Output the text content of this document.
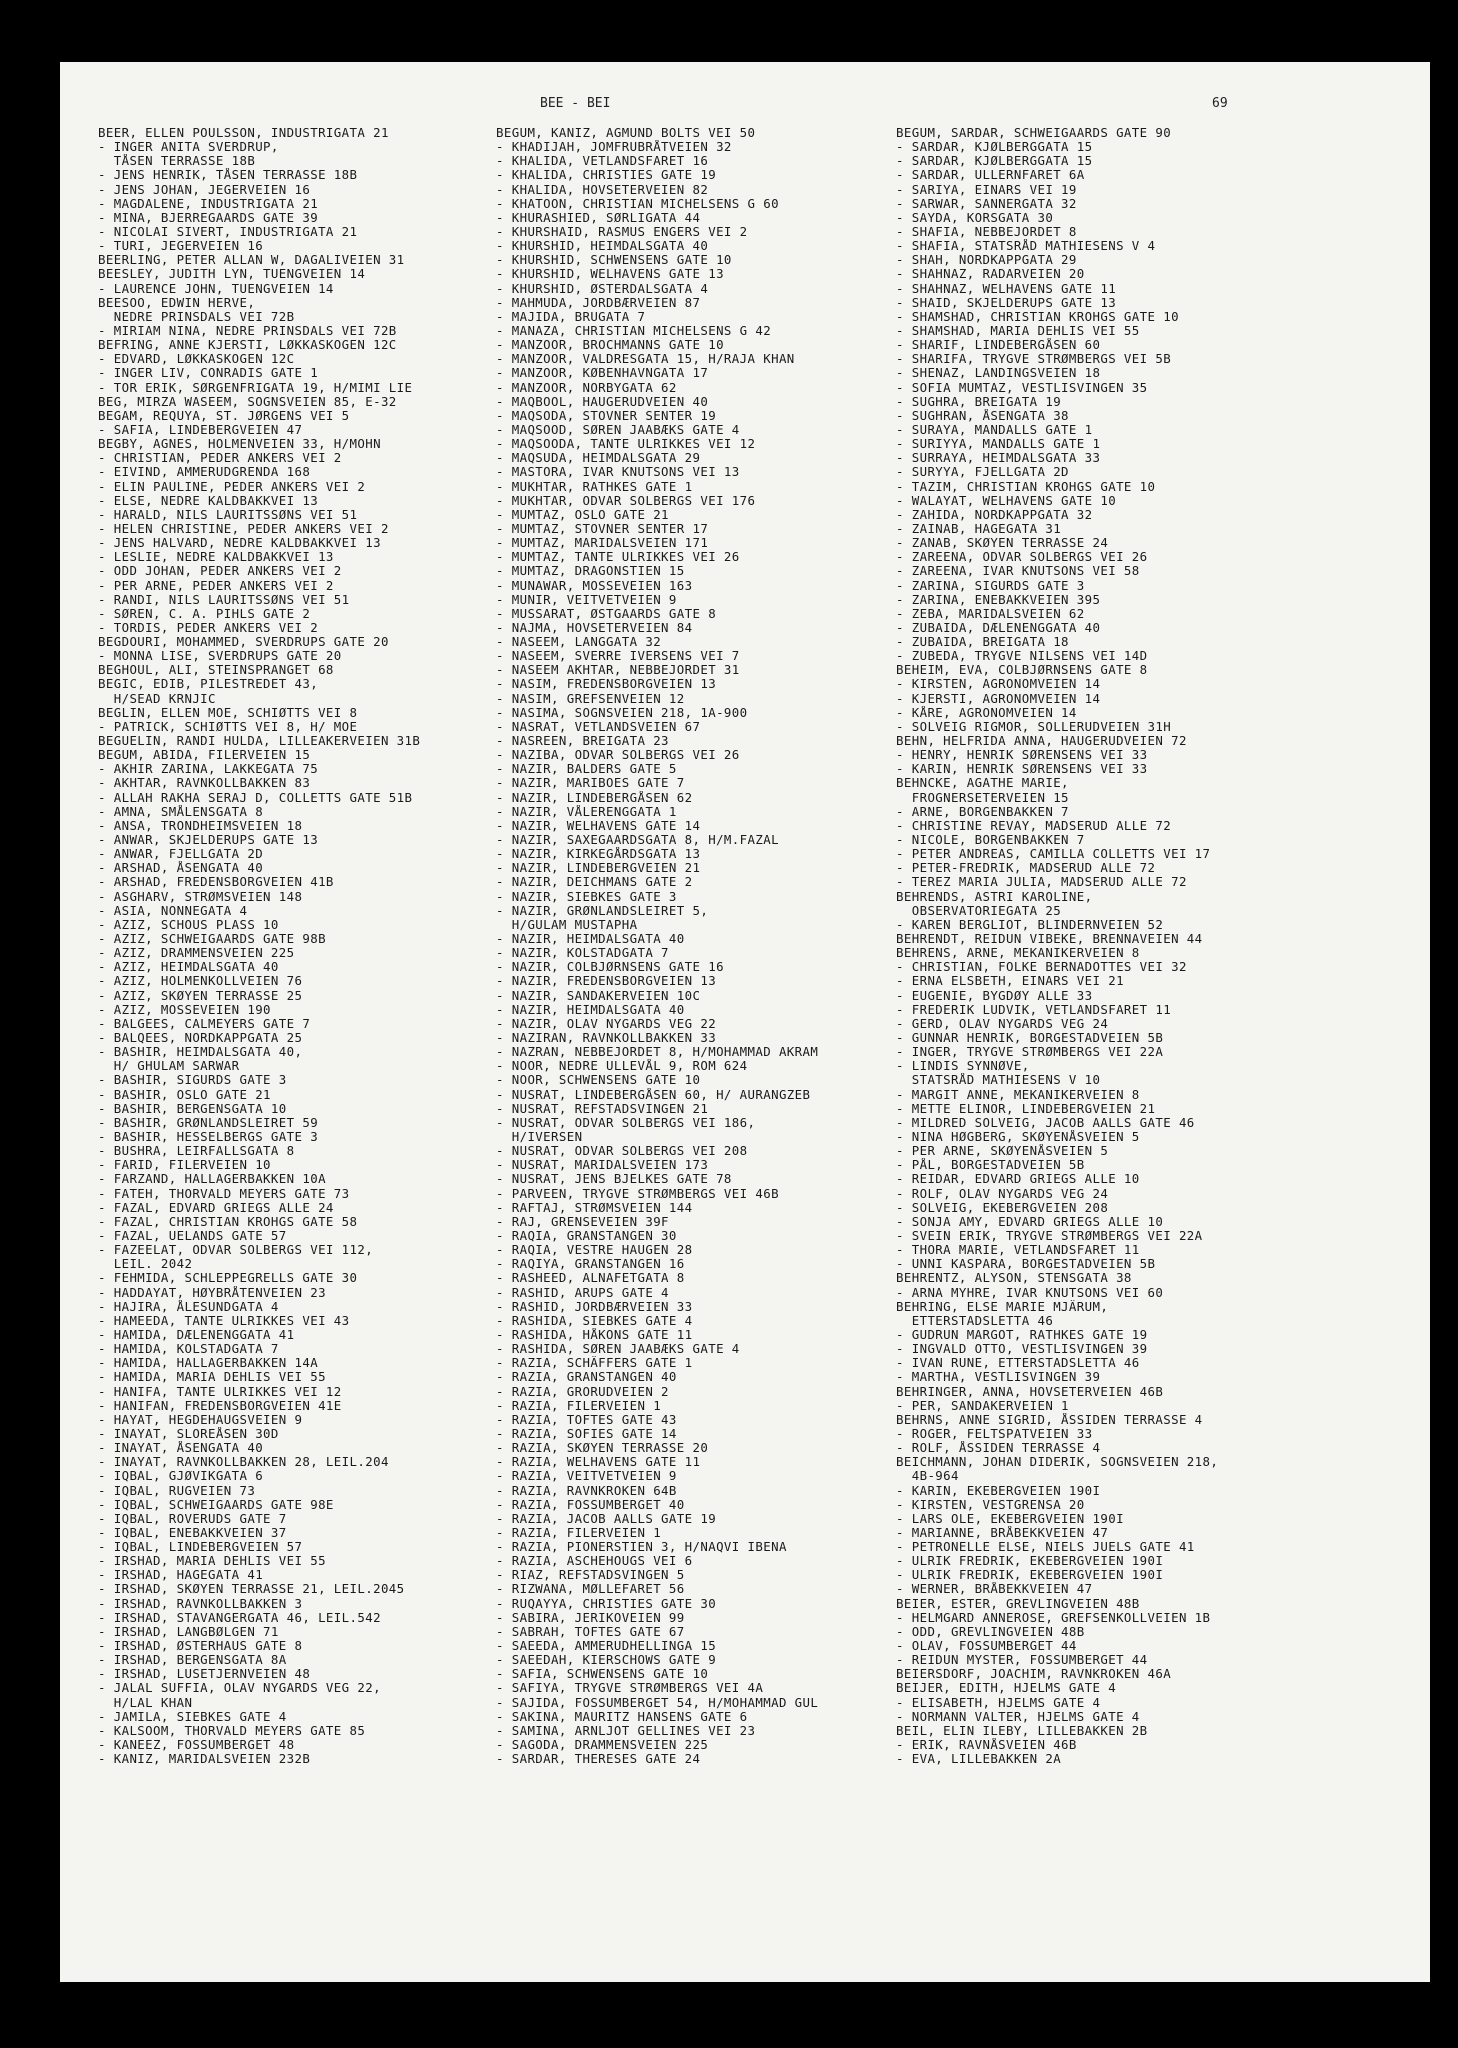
BEE - BEI	69
BEER, ELLEN POULSSON, INDUSTRIGATA 21
- INGER ANITA SVERDRUP,
TÅSEN TERRASSE 18B
- JENS HENRIK, TÅSEN TERRASSE 18B
- JENS JOHAN, JEGERVEIEN 16
- MAGDALENE, INDUSTRIGATA 21
- MINA, BJERREGAARDS GATE 39
- NICOLAI SIVERT, INDUSTRIGATA 21
- TURI, JEGERVEIEN 16
BEERLING, PETER ALLAN W, DAGALIVEIEN 31
BEESLEY, JUDITH LYN, TUENGVEIEN 14
- LAURENCE JOHN, TUENGVEIEN 14
BEESOO, EDWIN HERVE,
NEDRE PRINSDALS VEI 72B
- MIRIAM NINA, NEDRE PRINSDALS VEI 72B
BEFRING, ANNE KJERSTI, LØKKASKOGEN 12C
- EDVARD, LØKKASKOGEN 12C
- INGER LIV, CONRADIS GATE 1
- TOR ERIK, SØRGENFRIGATA 19, H/MIMI LIE
BEG, MIRZA WASEEM, SOGNSVEIEN 85, E-32
BEGAM, REQUYA, ST. JØRGENS VEI 5
- SAFIA, LINDEBERGVEIEN 47
BEGBY, AGNES, HOLMENVEIEN 33, H/MOHN
- CHRISTIAN, PEDER ANKERS VEI 2
- EIVIND, AMMERUDGRENDA 168
- ELIN PAULINE, PEDER ANKERS VEI 2
- ELSE, NEDRE KALDBAKKVEI 13
- HARALD, NILS LAURITSSØNS VEI 51
- HELEN CHRISTINE, PEDER ANKERS VEI 2
- JENS HALVARD, NEDRE KALDBAKKVEI 13
- LESLIE, NEDRE KALDBAKKVEI 13
- ODD JOHAN, PEDER ANKERS VEI 2
- PER ARNE, PEDER ANKERS VEI 2
- RANDI, NILS LAURITSSØNS VEI 51
- SØREN, C. A. PIHLS GATE 2
- TORDIS, PEDER ANKERS VEI 2
BEGDOURI, MOHAMMED, SVERDRUPS GATE 20
- MONNA LISE, SVERDRUPS GATE 20
BEGHOUL, ALI, STEINSPRANGET 68
BEGIC, EDIB, PILESTREDET 43,
H/SEAD KRNJIC
BEGLIN, ELLEN MOE, SCHIØTTS VEI 8
- PATRICK, SCHIØTTS VEI 8, H/ MOE
BEGUELIN, RANDI HULDA, LILLEAKERVEIEN 31B
BEGUM, ABIDA, FILERVEIEN 15
- AKHIR ZARINA, LAKKEGATA 75
- AKHTAR, RAVNKOLLBAKKEN 83
- ALLAH RAKHA SERAJ D, COLLETTS GATE 51B
- AMNA, SMÅLENSGATA 8
- ANSA, TRONDHEIMSVEIEN 18
- ANWAR, SKJELDERUPS GATE 13
- ANWAR, FJELLGATA 2D
- ARSHAD, ÅSENGATA 40
- ARSHAD, FREDENSBORGVEIEN 41B
- ASGHARV, STRØMSVEIEN 148
- ASIA, NONNEGATA 4
- AZIZ, SCHOUS PLASS 10
- AZIZ, SCHWEIGAARDS GATE 98B
- AZIZ, DRAMMENSVEIEN 225
- AZIZ, HEIMDALSGATA 40
- AZIZ, HOLMENKOLLVEIEN 76
- AZIZ, SKØYEN TERRASSE 25
- AZIZ, MOSSEVEIEN 190
- BALGEES, CALMEYERS GATE 7
- BALQEES, NORDKAPPGATA 25
- BASHIR, HEIMDALSGATA 40,
H/ GHULAM SARWAR
- BASHIR, SIGURDS GATE 3
- BASHIR, OSLO GATE 21
- BASHIR, BERGENSGATA 10
- BASHIR, GRØNLANDSLEIRET 59
- BASHIR, HESSELBERGS GATE 3
- BUSHRA, LEIRFALLSGATA 8
- FARID, FILERVEIEN 10
- FARZAND, HALLAGERBAKKEN 10A
- FATEH, THORVALD MEYERS GATE 73
- FAZAL, EDVARD GRIEGS ALLE 24
- FAZAL, CHRISTIAN KROHGS GATE 58
- FAZAL, UELANDS GATE 57
- FAZEELAT, ODVAR SOLBERGS VEI 112,
LEIL. 2042
- FEHMIDA, SCHLEPPEGRELLS GATE 30
- HADDAYAT, HØYBRÅTENVEIEN 23
- HAJIRA, ÅLESUNDGATA 4
- HAMEEDA, TANTE ULRIKKES VEI 43
- HAMIDA, DÆLENENGGATA 41
- HAMIDA, KOLSTADGATA 7
- HAMIDA, HALLAGERBAKKEN 14A
- HAMIDA, MARIA DEHLIS VEI 55
- HANIFA, TANTE ULRIKKES VEI 12
- HANIFAN, FREDENSBORGVEIEN 41E
- HAYAT, HEGDEHAUGSVEIEN 9
- INAYAT, SLOREÅSEN 30D
- INAYAT, ÅSENGATA 40
- INAYAT, RAVNKOLLBAKKEN 28, LEIL.204
- IQBAL, GJØVIKGATA 6
- IQBAL, RUGVEIEN 73
- IQBAL, SCHWEIGAARDS GATE 98E
- IQBAL, ROVERUDS GATE 7
- IQBAL, ENEBAKKVEIEN 37
- IQBAL, LINDEBERGVEIEN 57
- IRSHAD, MARIA DEHLIS VEI 55
- IRSHAD, HAGEGATA 41
- IRSHAD, SKØYEN TERRASSE 21, LEIL.2045
- IRSHAD, RAVNKOLLBAKKEN 3
- IRSHAD, STAVANGERGATA 46, LEIL.542
- IRSHAD, LANGBØLGEN 71
- IRSHAD, ØSTERHAUS GATE 8
- IRSHAD, BERGENSGATA 8A
- IRSHAD, LUSETJERNVEIEN 48
- JALAL SUFFIA, OLAV NYGARDS VEG 22,
H/LAL KHAN
- JAMILA, SIEBKES GATE 4
- KALSOOM, THORVALD MEYERS GATE 85
- KANEEZ, FOSSUMBERGET 48
- KANIZ, MARIDALSVEIEN 232B
BEGUM, KANIZ, AGMUND BOLTS VEI 50
- KHADIJAH, JOMFRUBRÅTVEIEN 32
- KHALIDA, VETLANDSFARET 16
- KHALIDA, CHRISTIES GATE 19
- KHALIDA, HOVSETERVEIEN 82
- KHATOON, CHRISTIAN MICHELSENS G 60
- KHURASHIED, SØRLIGATA 44
- KHURSHAID, RASMUS ENGERS VEI 2
- KHURSHID, HEIMDALSGATA 40
- KHURSHID, SCHWENSENS GATE 10
- KHURSHID, WELHAVENS GATE 13
- KHURSHID, ØSTERDALSGATA 4
- MAHMUDA, JORDBÆRVEIEN 87
- MAJIDA, BRUGATA 7
- MANAZA, CHRISTIAN MICHELSENS G 42
- MANZOOR, BROCHMANNS GATE 10
- MANZOOR, VALDRESGATA 15, H/RAJA KHAN
- MANZOOR, KØBENHAVNGATA 17
- MANZOOR, NORBYGATA 62
- MAQBOOL, HAUGERUDVEIEN 40
- MAQSODA, STOVNER SENTER 19
- MAQSOOD, SØREN JAABÆKS GATE 4
- MAQSOODA, TANTE ULRIKKES VEI 12
- MAQSUDA, HEIMDALSGATA 29
- MASTORA, IVAR KNUTSONS VEI 13
- MUKHTAR, RATHKES GATE 1
- MUKHTAR, ODVAR SOLBERGS VEI 176
- MUMTAZ, OSLO GATE 21
- MUMTAZ, STOVNER SENTER 17
- MUMTAZ, MARIDALSVEIEN 171
- MUMTAZ, TANTE ULRIKKES VEI 26
- MUMTAZ, DRAGONSTIEN 15
- MUNAWAR, MOSSEVEIEN 163
- MUNIR, VEITVETVEIEN 9
- MUSSARAT, ØSTGAARDS GATE 8
- NAJMA, HOVSETERVEIEN 84
- NASEEM, LANGGATA 32
- NASEEM, SVERRE IVERSENS VEI 7
- NASEEM AKHTAR, NEBBEJORDET 31
- NASIM, FREDENSBORGVEIEN 13
- NASIM, GREFSENVEIEN 12
- NASIMA, SOGNSVEIEN 218, 1A-900
- NASRAT, VETLANDSVEIEN 67
- NASREEN, BREIGATA 23
- NAZIBA, ODVAR SOLBERGS VEI 26
- NAZIR, BALDERS GATE 5
- NAZIR, MARIBOES GATE 7
- NAZIR, LINDEBERGÅSEN 62
- NAZIR, VÅLERENGGATA 1
- NAZIR, WELHAVENS GATE 14
- NAZIR, SAXEGAARDSGATA 8, H/M.FAZAL
- NAZIR, KIRKEGÅRDSGATA 13
- NAZIR, LINDEBERGVEIEN 21
- NAZIR, DEICHMANS GATE 2
- NAZIR, SIEBKES GATE 3
- NAZIR, GRØNLANDSLEIRET 5,
H/GULAM MUSTAPHA
- NAZIR, HEIMDALSGATA 40
- NAZIR, KOLSTADGATA 7
- NAZIR, COLBJØRNSENS GATE 16
- NAZIR, FREDENSBORGVEIEN 13
- NAZIR, SANDAKERVEIEN 10C
- NAZIR, HEIMDALSGATA 40
- NAZIR, OLAV NYGARDS VEG 22
- NAZIRAN, RAVNKOLLBAKKEN 33
- NAZRAN, NEBBEJORDET 8, H/MOHAMMAD AKRAM
- NOOR, NEDRE ULLEVÅL 9, ROM 624
- NOOR, SCHWENSENS GATE 10
- NUSRAT, LINDEBERGÅSEN 60, H/ AURANGZEB
- NUSRAT, REFSTADSVINGEN 21
- NUSRAT, ODVAR SOLBERGS VEI 186,
H/IVERSEN
- NUSRAT, ODVAR SOLBERGS VEI 208
- NUSRAT, MARIDALSVEIEN 173
- NUSRAT, JENS BJELKES GATE 78
- PARVEEN, TRYGVE STRØMBERGS VEI 46B
- RAFTAJ, STRØMSVEIEN 144
- RAJ, GRENSEVEIEN 39F
- RAQIA, GRANSTANGEN 30
- RAQIA, VESTRE HAUGEN 28
- RAQIYA, GRANSTANGEN 16
- RASHEED, ALNAFETGATA 8
- RASHID, ARUPS GATE 4
- RASHID, JORDBÆRVEIEN 33
- RASHIDA, SIEBKES GATE 4
- RASHIDA, HÅKONS GATE 11
- RASHIDA, SØREN JAABÆKS GATE 4
- RAZIA, SCHÄFFERS GATE 1
- RAZIA, GRANSTANGEN 40
- RAZIA, GRORUDVEIEN 2
- RAZIA, FILERVEIEN 1
- RAZIA, TOFTES GATE 43
- RAZIA, SOFIES GATE 14
- RAZIA, SKØYEN TERRASSE 20
- RAZIA, WELHAVENS GATE 11
- RAZIA, VEITVETVEIEN 9
- RAZIA, RAVNKROKEN 64B
- RAZIA, FOSSUMBERGET 40
- RAZIA, JACOB AALLS GATE 19
- RAZIA, FILERVEIEN 1
- RAZIA, PIONERSTIEN 3, H/NAQVI IBENA
- RAZIA, ASCHEHOUGS VEI 6
- RIAZ, REFSTADSVINGEN 5
- RIZWANA, MØLLEFARET 56
- RUQAYYA, CHRISTIES GATE 30
- SABIRA, JERIKOVEIEN 99
- SABRAH, TOFTES GATE 67
- SAEEDA, AMMERUDHELLINGA 15
- SAEEDAH, KIERSCHOWS GATE 9
- SAFIA, SCHWENSENS GATE 10
- SAFIYA, TRYGVE STRØMBERGS VEI 4A
- SAJIDA, FOSSUMBERGET 54, H/MOHAMMAD GUL
- SAKINA, MAURITZ HANSENS GATE 6
- SAMINA, ARNLJOT GELLINES VEI 23
- SAGODA, DRAMMENSVEIEN 225
- SARDAR, THERESES GATE 24
BEGUM, SARDAR, SCHWEIGAARDS GATE 90
- SARDAR, KJØLBERGGATA 15
- SARDAR, KJØLBERGGATA 15
- SARDAR, ULLERNFARET 6A
- SARIYA, EINARS VEI 19
- SARWAR, SANNERGATA 32
- SAYDA, KORSGATA 30
- SHAFIA, NEBBEJORDET 8
- SHAFIA, STATSRÅD MATHIESENS V 4
- SHAH, NORDKAPPGATA 29
- SHAHNAZ, RADARVEIEN 20
- SHAHNAZ, WELHAVENS GATE 11
- SHAID, SKJELDERUPS GATE 13
- SHAMSHAD, CHRISTIAN KROHGS GATE 10
- SHAMSHAD, MARIA DEHLIS VEI 55
- SHARIF, LINDEBERGÅSEN 60
- SHARIFA, TRYGVE STRØMBERGS VEI 5B
- SHENAZ, LANDINGSVEIEN 18
- SOFIA MUMTAZ, VESTLISVINGEN 35
- SUGHRA, BREIGATA 19
- SUGHRAN, ÅSENGATA 38
- SURAYA, MANDALLS GATE 1
- SURIYYA, MANDALLS GATE 1
- SURRAYA, HEIMDALSGATA 33
- SURYYA, FJELLGATA 2D
- TAZIM, CHRISTIAN KROHGS GATE 10
- WALAYAT, WELHAVENS GATE 10
- ZAHIDA, NORDKAPPGATA 32
- ZAINAB, HAGEGATA 31
- ZANAB, SKØYEN TERRASSE 24
- ZAREENA, ODVAR SOLBERGS VEI 26
- ZAREENA, IVAR KNUTSONS VEI 58
- ZARINA, SIGURDS GATE 3
- ZARINA, ENEBAKKVEIEN 395
- ZEBA, MARIDALSVEIEN 62
- ZUBAIDA, DÆLENENGGATA 40
- ZUBAIDA, BREIGATA 18
- ZUBEDA, TRYGVE NILSENS VEI 14D
BEHEIM, EVA, COLBJØRNSENS GATE 8
- KIRSTEN, AGRONOMVEIEN 14
- KJERSTI, AGRONOMVEIEN 14
- KÅRE, AGRONOMVEIEN 14
- SOLVEIG RIGMOR, SOLLERUDVEIEN 31H
BEHN, HELFRIDA ANNA, HAUGERUDVEIEN 72
- HENRY, HENRIK SØRENSENS VEI 33
- KARIN, HENRIK SØRENSENS VEI 33
BEHNCKE, AGATHE MARIE,
FROGNERSETERVEIEN 15
- ARNE, BORGENBAKKEN 7
- CHRISTINE REVAY, MADSERUD ALLE 72
- NICOLE, BORGENBAKKEN 7
- PETER ANDREAS, CAMILLA COLLETTS VEI 17
- PETER-FREDRIK, MADSERUD ALLE 72
- TEREZ MARIA JULIA, MADSERUD ALLE 72
BEHRENDS, ASTRI KAROLINE,
OBSERVATORIEGATA 25
- KAREN BERGLIOT, BLINDERNVEIEN 52
BEHRENDT, REIDUN VIBEKE, BRENNAVEIEN 44
BEHRENS, ARNE, MEKANIKERVEIEN 8
- CHRISTIAN, FOLKE BERNADOTTES VEI 32
- ERNA ELSBETH, EINARS VEI 21
- EUGENIE, BYGDØY ALLE 33
- FREDERIK LUDVIK, VETLANDSFARET 11
- GERD, OLAV NYGARDS VEG 24
- GUNNAR HENRIK, BORGESTADVEIEN 5B
- INGER, TRYGVE STRØMBERGS VEI 22A
- LINDIS SYNNØVE,
STATSRÅD MATHIESENS V 10
- MARGIT ANNE, MEKANIKERVEIEN 8
- METTE ELINOR, LINDEBERGVEIEN 21
- MILDRED SOLVEIG, JACOB AALLS GATE 46
- NINA HØGBERG, SKØYENÅSVEIEN 5
- PER ARNE, SKØYENÅSVEIEN 5
- PÅL, BORGESTADVEIEN 5B
- REIDAR, EDVARD GRIEGS ALLE 10
- ROLF, OLAV NYGARDS VEG 24
- SOLVEIG, EKEBERGVEIEN 208
- SONJA AMY, EDVARD GRIEGS ALLE 10
- SVEIN ERIK, TRYGVE STRØMBERGS VEI 22A
- THORA MARIE, VETLANDSFARET 11
- UNNI KASPARA, BORGESTADVEIEN 5B
BEHRENTZ, ALYSON, STENSGATA 38
- ARNA MYHRE, IVAR KNUTSONS VEI 60
BEHRING, ELSE MARIE MJÄRUM,
ETTERSTADSLETTA 46
- GUDRUN MARGOT, RATHKES GATE 19
- INGVALD OTTO, VESTLISVINGEN 39
- IVAN RUNE, ETTERSTADSLETTA 46
- MARTHA, VESTLISVINGEN 39
BEHRINGER, ANNA, HOVSETERVEIEN 46B
- PER, SANDAKERVEIEN 1
BEHRNS, ANNE SIGRID, ÅSSIDEN TERRASSE 4
- ROGER, FELTSPATVEIEN 33
- ROLF, ÅSSIDEN TERRASSE 4
BEICHMANN, JOHAN DIDERIK, SOGNSVEIEN 218,
4B-964
- KARIN, EKEBERGVEIEN 190I
- KIRSTEN, VESTGRENSA 20
- LARS OLE, EKEBERGVEIEN 190I
- MARIANNE, BRÅBEKKVEIEN 47
- PETRONELLE ELSE, NIELS JUELS GATE 41
- ULRIK FREDRIK, EKEBERGVEIEN 190I
- ULRIK FREDRIK, EKEBERGVEIEN 190I
- WERNER, BRÅBEKKVEIEN 47
BEIER, ESTER, GREVLINGVEIEN 48B
- HELMGARD ANNEROSE, GREFSENKOLLVEIEN 1B
- ODD, GREVLINGVEIEN 48B
- OLAV, FOSSUMBERGET 44
- REIDUN MYSTER, FOSSUMBERGET 44
BEIERSDORF, JOACHIM, RAVNKROKEN 46A
BEIJER, EDITH, HJELMS GATE 4
- ELISABETH, HJELMS GATE 4
- NORMANN VALTER, HJELMS GATE 4
BEIL, ELIN ILEBY, LILLEBAKKEN 2B
- ERIK, RAVNÅSVEIEN 46B
- EVA, LILLEBAKKEN 2A
